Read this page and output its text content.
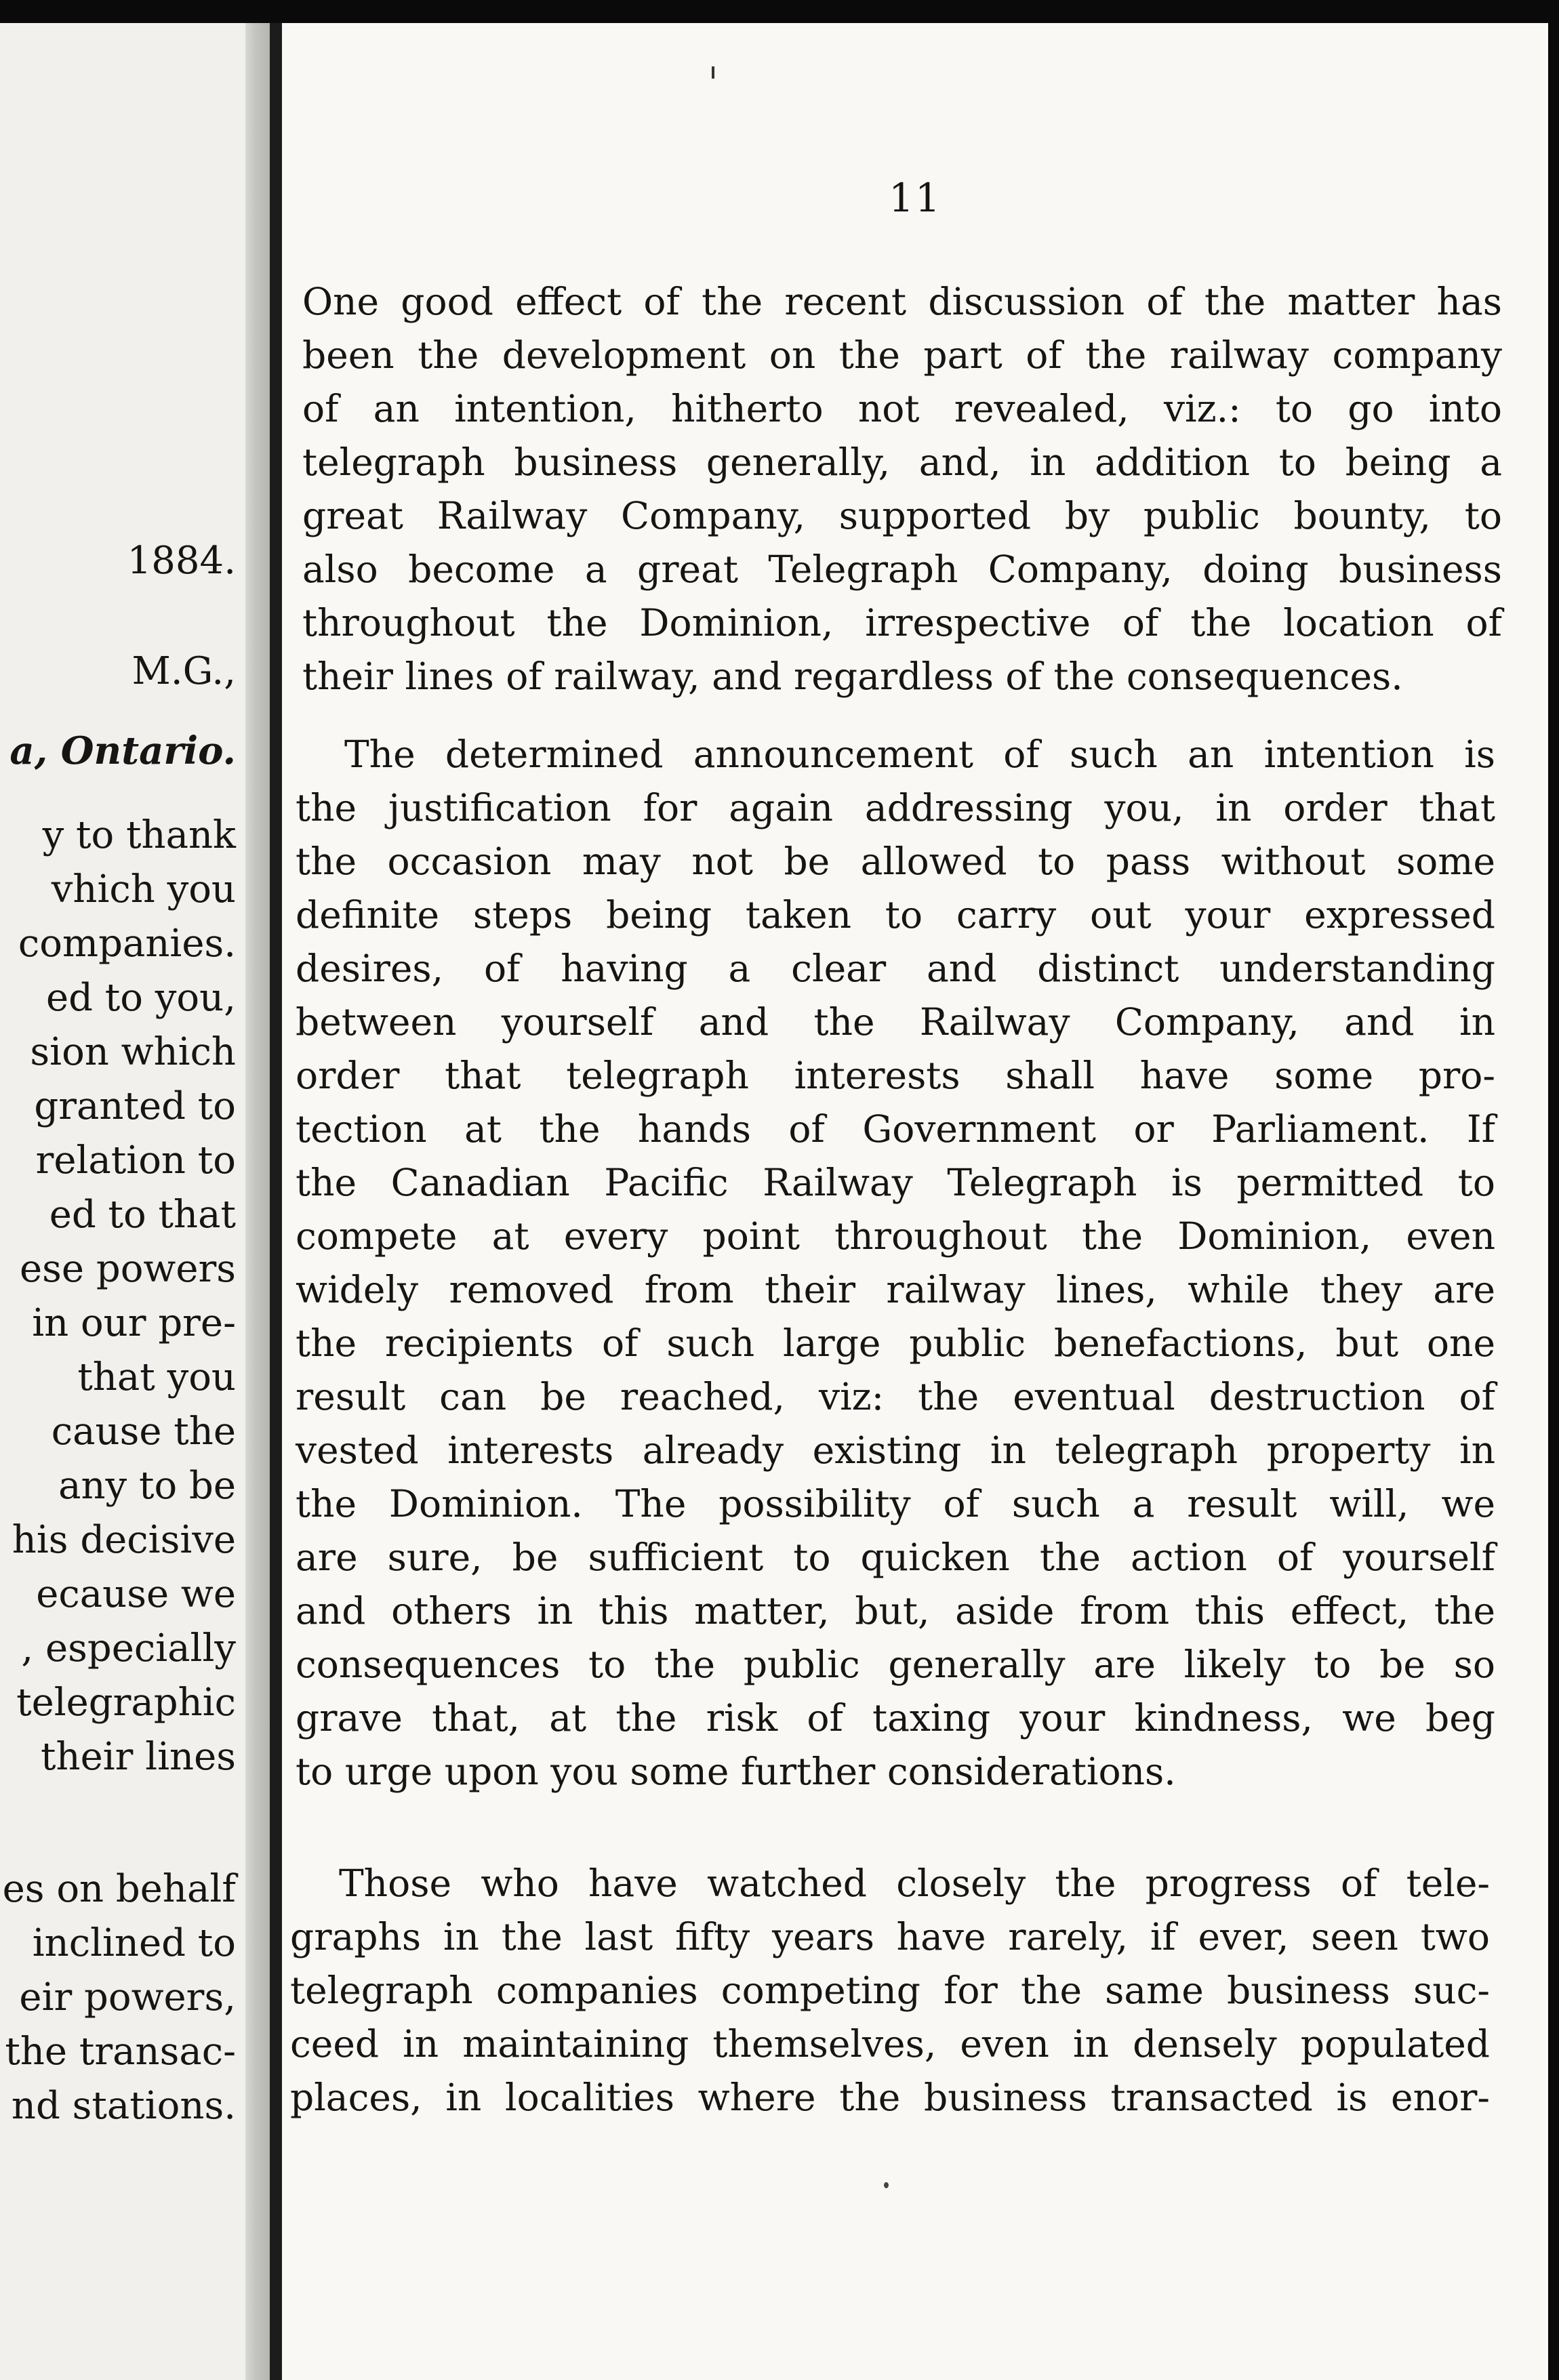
1884.
M.G.,
a, Ontario.
y to thank
vhich you
companies.
ed to you,
sion which
granted to
relation to
ed to that
ese powers
in our pre-
that you
cause the
any to be
his decisive
ecause we
, especially
telegraphic
their lines
es on behalf
inclined to
eir powers,
the transac-
nd stations.
11
One good effect of the recent discussion of the matter has
been the development on the part of the railway company
of an intention, hitherto not revealed, viz.: to go into
telegraph business generally, and, in addition to being a
great Railway Company, supported by public bounty, to
also become a great Telegraph Company, doing business
throughout the Dominion, irrespective of the location of
their lines of railway, and regardless of the consequences.
The determined announcement of such an intention is
the justification for again addressing you, in order that
the occasion may not be allowed to pass without some
definite steps being taken to carry out your expressed
desires, of having a clear and distinct understanding
between yourself and the Railway Company, and in
order that telegraph interests shall have some pro-
tection at the hands of Government or Parliament. If
the Canadian Pacific Railway Telegraph is permitted to
compete at every point throughout the Dominion, even
widely removed from their railway lines, while they are
the recipients of such large public benefactions, but one
result can be reached, viz: the eventual destruction of
vested interests already existing in telegraph property in
the Dominion. The possibility of such a result will, we
are sure, be sufficient to quicken the action of yourself
and others in this matter, but, aside from this effect, the
consequences to the public generally are likely to be so
grave that, at the risk of taxing your kindness, we beg
to urge upon you some further considerations.
Those who have watched closely the progress of tele-
graphs in the last fifty years have rarely, if ever, seen two
telegraph companies competing for the same business suc-
ceed in maintaining themselves, even in densely populated
places, in localities where the business transacted is enor-
